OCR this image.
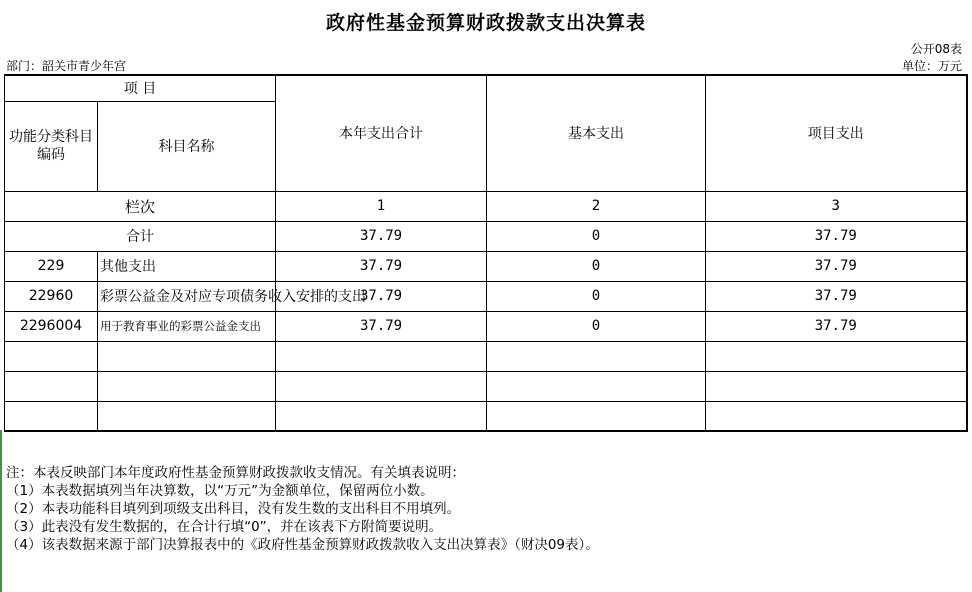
政府性基金预算财政拨款支出决算表
公开08表
部门：韶关市青少年宫	单位：万元
项 目		本年支出合计	基本支出	项目支出
功能分类科目编码	科目名称			
栏次		1	2	3
合计		37.79	0	37.79
229	其他支出	37.79	0	37.79
22960	彩票公益金及对应专项债务收入安排的支出	37.79	0	37.79
2296004	用于教育事业的彩票公益金支出	37.79	0	37.79

注：本表反映部门本年度政府性基金预算财政拨款收支情况。有关填表说明：
（1）本表数据填列当年决算数，以“万元”为金额单位，保留两位小数。
（2）本表功能科目填列到项级支出科目，没有发生数的支出科目不用填列。
（3）此表没有发生数据的，在合计行填“0”，并在该表下方附简要说明。
（4）该表数据来源于部门决算报表中的《政府性基金预算财政拨款收入支出决算表》（财决09表）。
